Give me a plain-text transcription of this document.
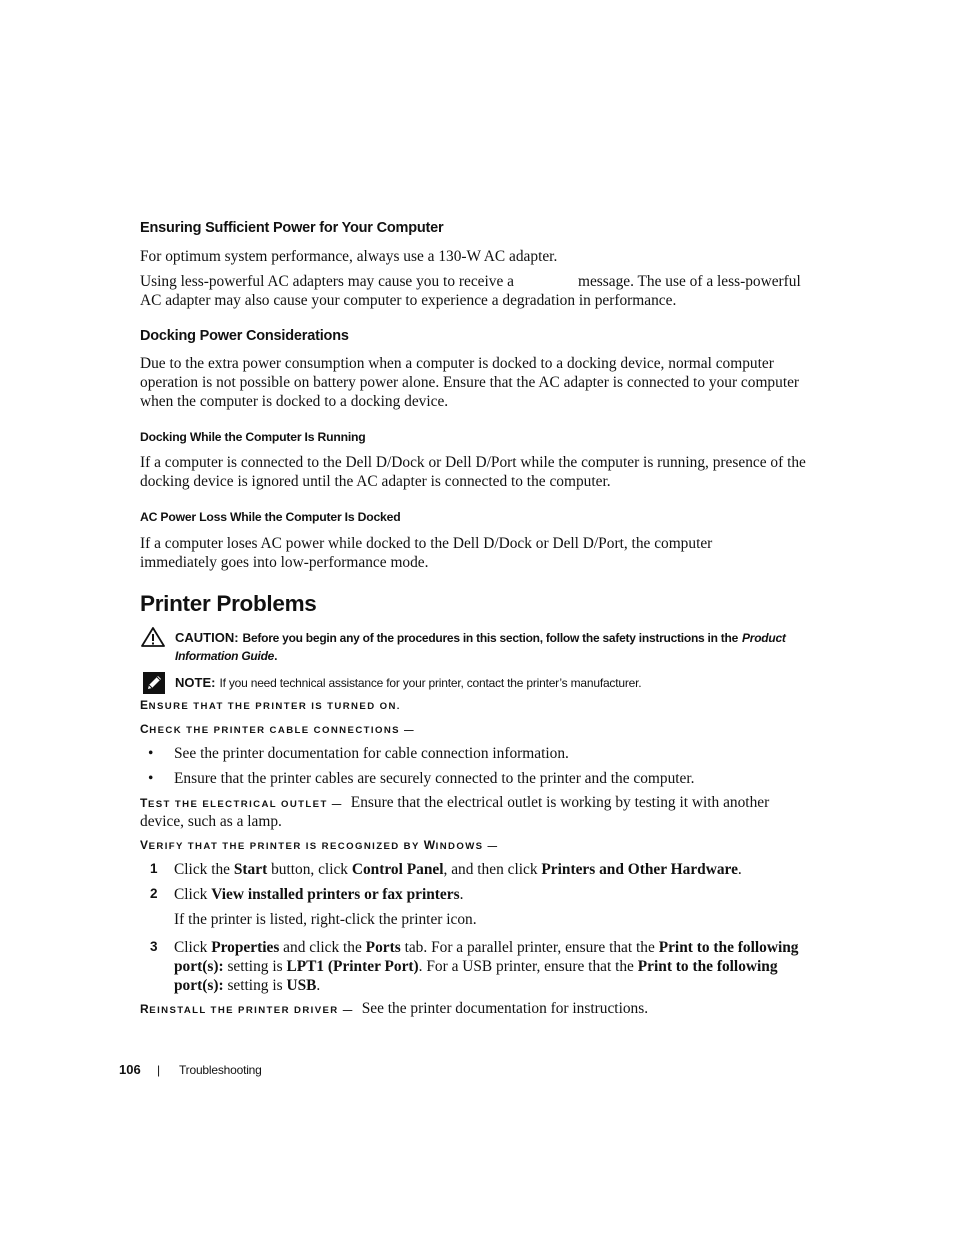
Ensuring Sufficient Power for Your Computer

For optimum system performance, always use a 130-W AC adapter.

Using less-powerful AC adapters may cause you to receive a	message. The use of a less-powerful
AC adapter may also cause your computer to experience a degradation in performance.

Docking Power Considerations

Due to the extra power consumption when a computer is docked to a docking device, normal computer operation is not possible on battery power alone. Ensure that the AC adapter is connected to your computer when the computer is docked to a docking device.

Docking While the Computer Is Running

If a computer is connected to the Dell D/Dock or Dell D/Port while the computer is running, presence of the docking device is ignored until the AC adapter is connected to the computer.

AC Power Loss While the Computer Is Docked

If a computer loses AC power while docked to the Dell D/Dock or Dell D/Port, the computer immediately goes into low-performance mode.

Printer Problems
CAUTION: Before you begin any of the procedures in this section, follow the safety instructions in the Product Information Guide.
NOTE: If you need technical assistance for your printer, contact the printer’s manufacturer.
ENSURE THAT THE PRINTER IS TURNED ON.
CHECK THE PRINTER CABLE CONNECTIONS —
• See the printer documentation for cable connection information.
• Ensure that the printer cables are securely connected to the printer and the computer.
TEST THE ELECTRICAL OUTLET — Ensure that the electrical outlet is working by testing it with another
device, such as a lamp.
VERIFY THAT THE PRINTER IS RECOGNIZED BY WINDOWS —
1 Click the Start button, click Control Panel, and then click Printers and Other Hardware.
2 Click View installed printers or fax printers.
If the printer is listed, right-click the printer icon.
3 Click Properties and click the Ports tab. For a parallel printer, ensure that the Print to the following port(s): setting is LPT1 (Printer Port). For a USB printer, ensure that the Print to the following port(s): setting is USB.
REINSTALL THE PRINTER DRIVER — See the printer documentation for instructions.
106 | Troubleshooting
